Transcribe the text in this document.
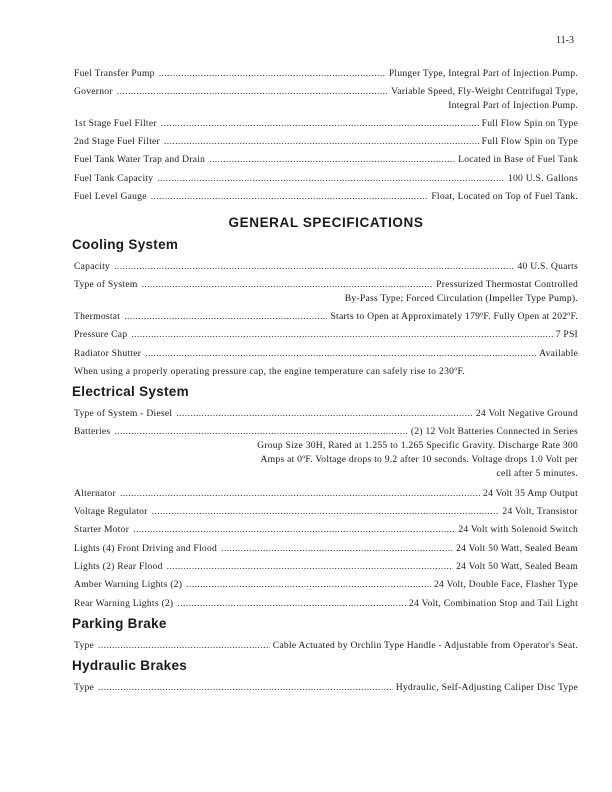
11-3
Fuel Transfer Pump .....	Plunger Type, Integral Part of Injection Pump.
Governor .....	Variable Speed, Fly-Weight Centrifugal Type,
Integral Part of Injection Pump.
1st Stage Fuel Filter .....	Full Flow Spin on Type
2nd Stage Fuel Filter .....	Full Flow Spin on Type
Fuel Tank Water Trap and Drain .....	Located in Base of Fuel Tank
Fuel Tank Capacity .....	100 U.S. Gallons
Fuel Level Gauge .....	Float, Located on Top of Fuel Tank.
GENERAL SPECIFICATIONS
Cooling System
Capacity .....	40 U.S. Quarts
Type of System .....	Pressurized Thermostat Controlled
By-Pass Type; Forced Circulation (Impeller Type Pump).
Thermostat .....	Starts to Open at Approximately 179ºF. Fully Open at 202ºF.
Pressure Cap .....	7 PSI
Radiator Shutter .....	Available
When using a properly operating pressure cap, the engine temperature can safely rise to 230ºF.
Electrical System
Type of System - Diesel .....	24 Volt Negative Ground
Batteries .....	(2) 12 Volt Batteries Connected in Series
Group Size 30H, Rated at 1.255 to 1.265 Specific Gravity. Discharge Rate 300
Amps at 0ºF. Voltage drops to 9.2 after 10 seconds. Voltage drops 1.0 Volt per
cell after 5 minutes.
Alternator .....	24 Volt 35 Amp Output
Voltage Regulator .....	24 Volt, Transistor
Starter Motor .....	24 Volt with Solenoid Switch
Lights (4) Front Driving and Flood .....	24 Volt 50 Watt, Sealed Beam
Lights (2) Rear Flood .....	24 Volt 50 Watt, Sealed Beam
Amber Warning Lights (2) .....	24 Volt, Double Face, Flasher Type
Rear Warning Lights (2) .....	24 Volt, Combination Stop and Tail Light
Parking Brake
Type .....	Cable Actuated by Orchlin Type Handle - Adjustable from Operator's Seat.
Hydraulic Brakes
Type .....	Hydraulic, Self-Adjusting Caliper Disc Type
